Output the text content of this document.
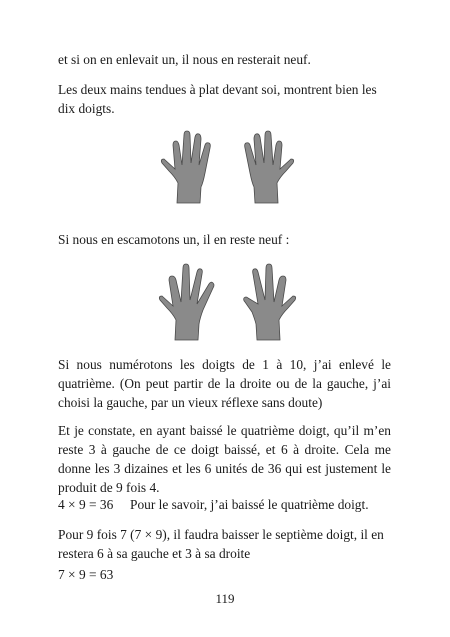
et si on en enlevait un, il nous en resterait neuf.

Les deux mains tendues à plat devant soi, montrent bien les dix doigts.

Si nous en escamotons un, il en reste neuf :

Si nous numérotons les doigts de 1 à 10, j’ai enlevé le quatrième. (On peut partir de la droite ou de la gauche, j’ai choisi la gauche, par un vieux réflexe sans doute)

Et je constate, en ayant baissé le quatrième doigt, qu’il m’en reste 3 à gauche de ce doigt baissé, et 6 à droite. Cela me donne les 3 dizaines et les 6 unités de 36 qui est justement le produit de 9 fois 4.

4 × 9 = 36 Pour le savoir, j’ai baissé le quatrième doigt.

Pour 9 fois 7 (7 × 9), il faudra baisser le septième doigt, il en restera 6 à sa gauche et 3 à sa droite

7 × 9 = 63

119
